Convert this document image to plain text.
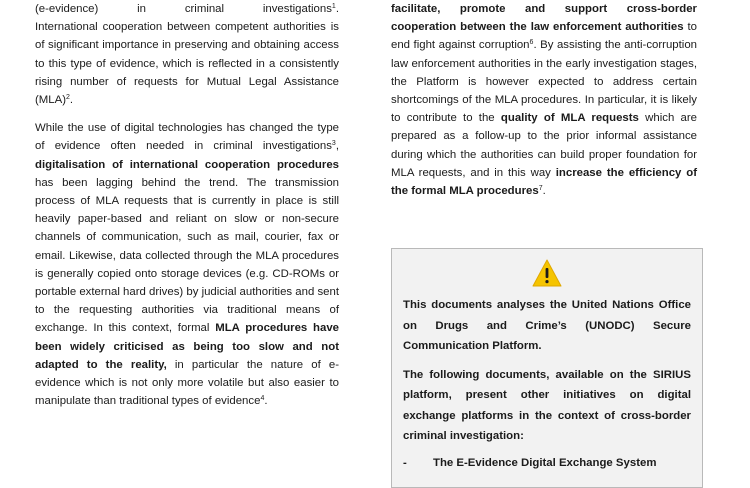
(e-evidence)	in	criminal	investigations$^1$.
International cooperation between competent authorities is of significant importance in preserving and obtaining access to this type of evidence, which is reflected in a consistently rising number of requests for Mutual Legal Assistance (MLA)$^2$.

While the use of digital technologies has changed the type of evidence often needed in criminal investigations$^3$, digitalisation of international cooperation procedures has been lagging behind the trend. The transmission process of MLA requests that is currently in place is still heavily paper-based and reliant on slow or non-secure channels of communication, such as mail, courier, fax or email. Likewise, data collected through the MLA procedures is generally copied onto storage devices (e.g. CD-ROMs or portable external hard drives) by judicial authorities and sent to the requesting authorities via traditional means of exchange. In this context, formal MLA procedures have been widely criticised as being too slow and not adapted to the reality, in particular the nature of e-evidence which is not only more volatile but also easier to manipulate than traditional types of evidence$^4$.

facilitate, promote and support cross-border cooperation between the law enforcement authorities to end fight against corruption$^6$. By assisting the anti-corruption law enforcement authorities in the early investigation stages, the Platform is however expected to address certain shortcomings of the MLA procedures. In particular, it is likely to contribute to the quality of MLA requests which are prepared as a follow-up to the prior informal assistance during which the authorities can build proper foundation for MLA requests, and in this way increase the efficiency of the formal MLA procedures$^7$.

This documents analyses the United Nations Office on Drugs and Crime’s (UNODC) Secure Communication Platform.

The following documents, available on the SIRIUS platform, present other initiatives on digital exchange platforms in the context of cross-border criminal investigation:

-	The E-Evidence Digital Exchange System
